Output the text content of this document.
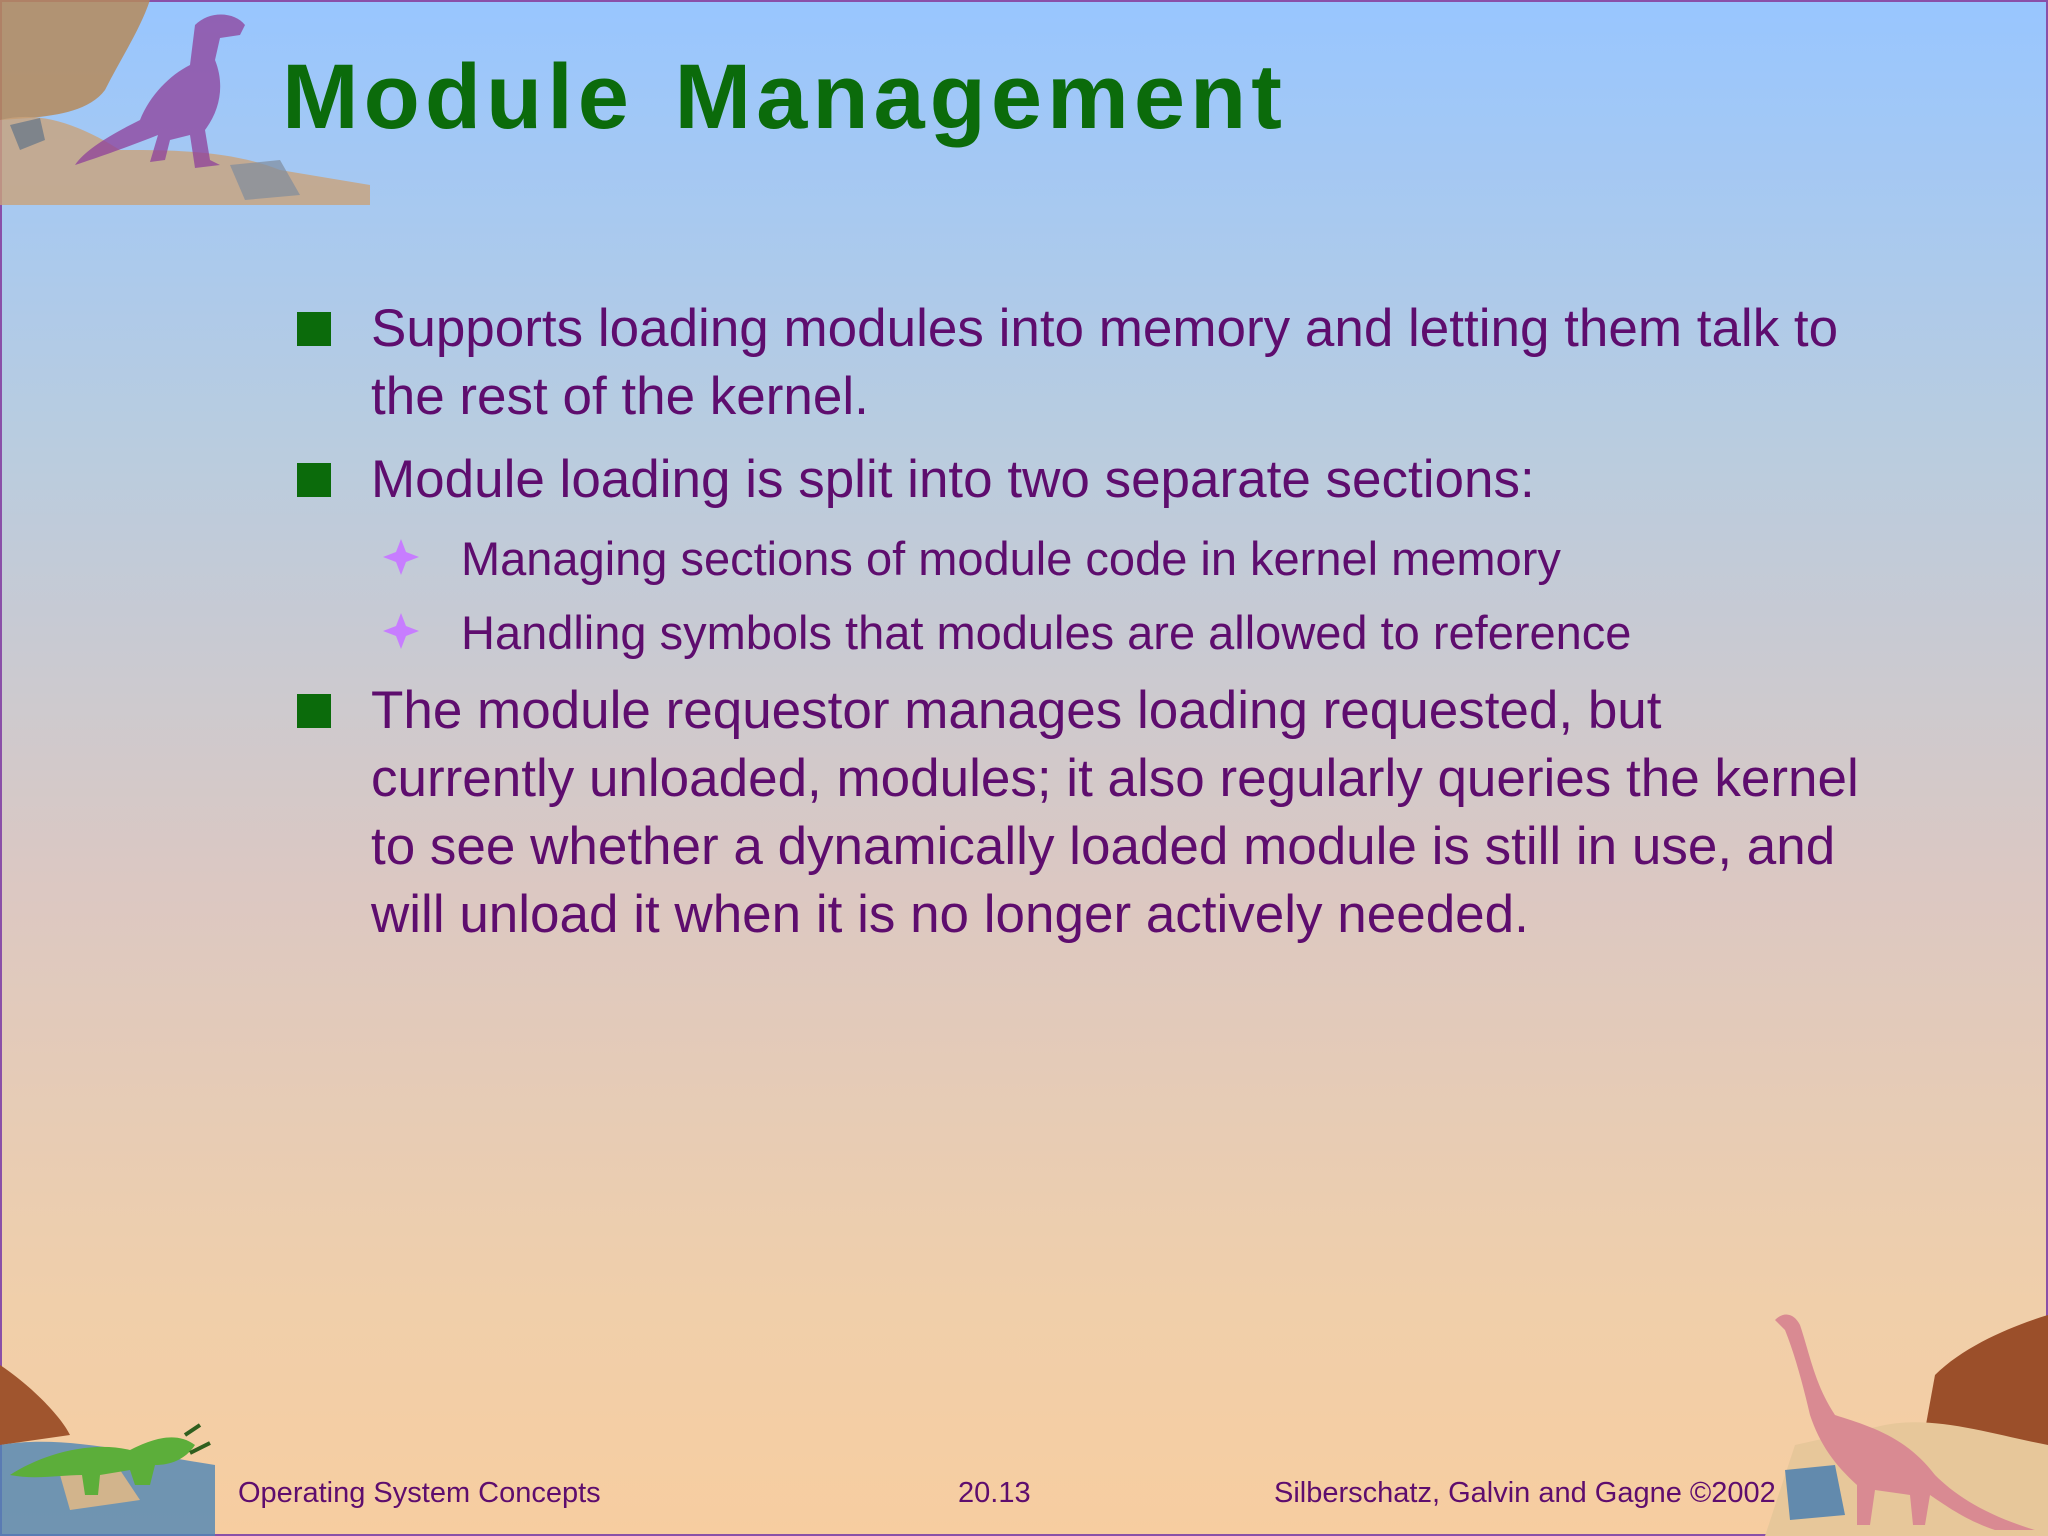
Module Management
Supports loading modules into memory and letting them talk to the rest of the kernel.
Module loading is split into two separate sections:
Managing sections of module code in kernel memory
Handling symbols that modules are allowed to reference
The module requestor manages loading requested, but currently unloaded, modules; it also regularly queries the kernel to see whether a dynamically loaded module is still in use, and will unload it when it is no longer actively needed.
Operating System Concepts	20.13	Silberschatz, Galvin and Gagne ©2002
